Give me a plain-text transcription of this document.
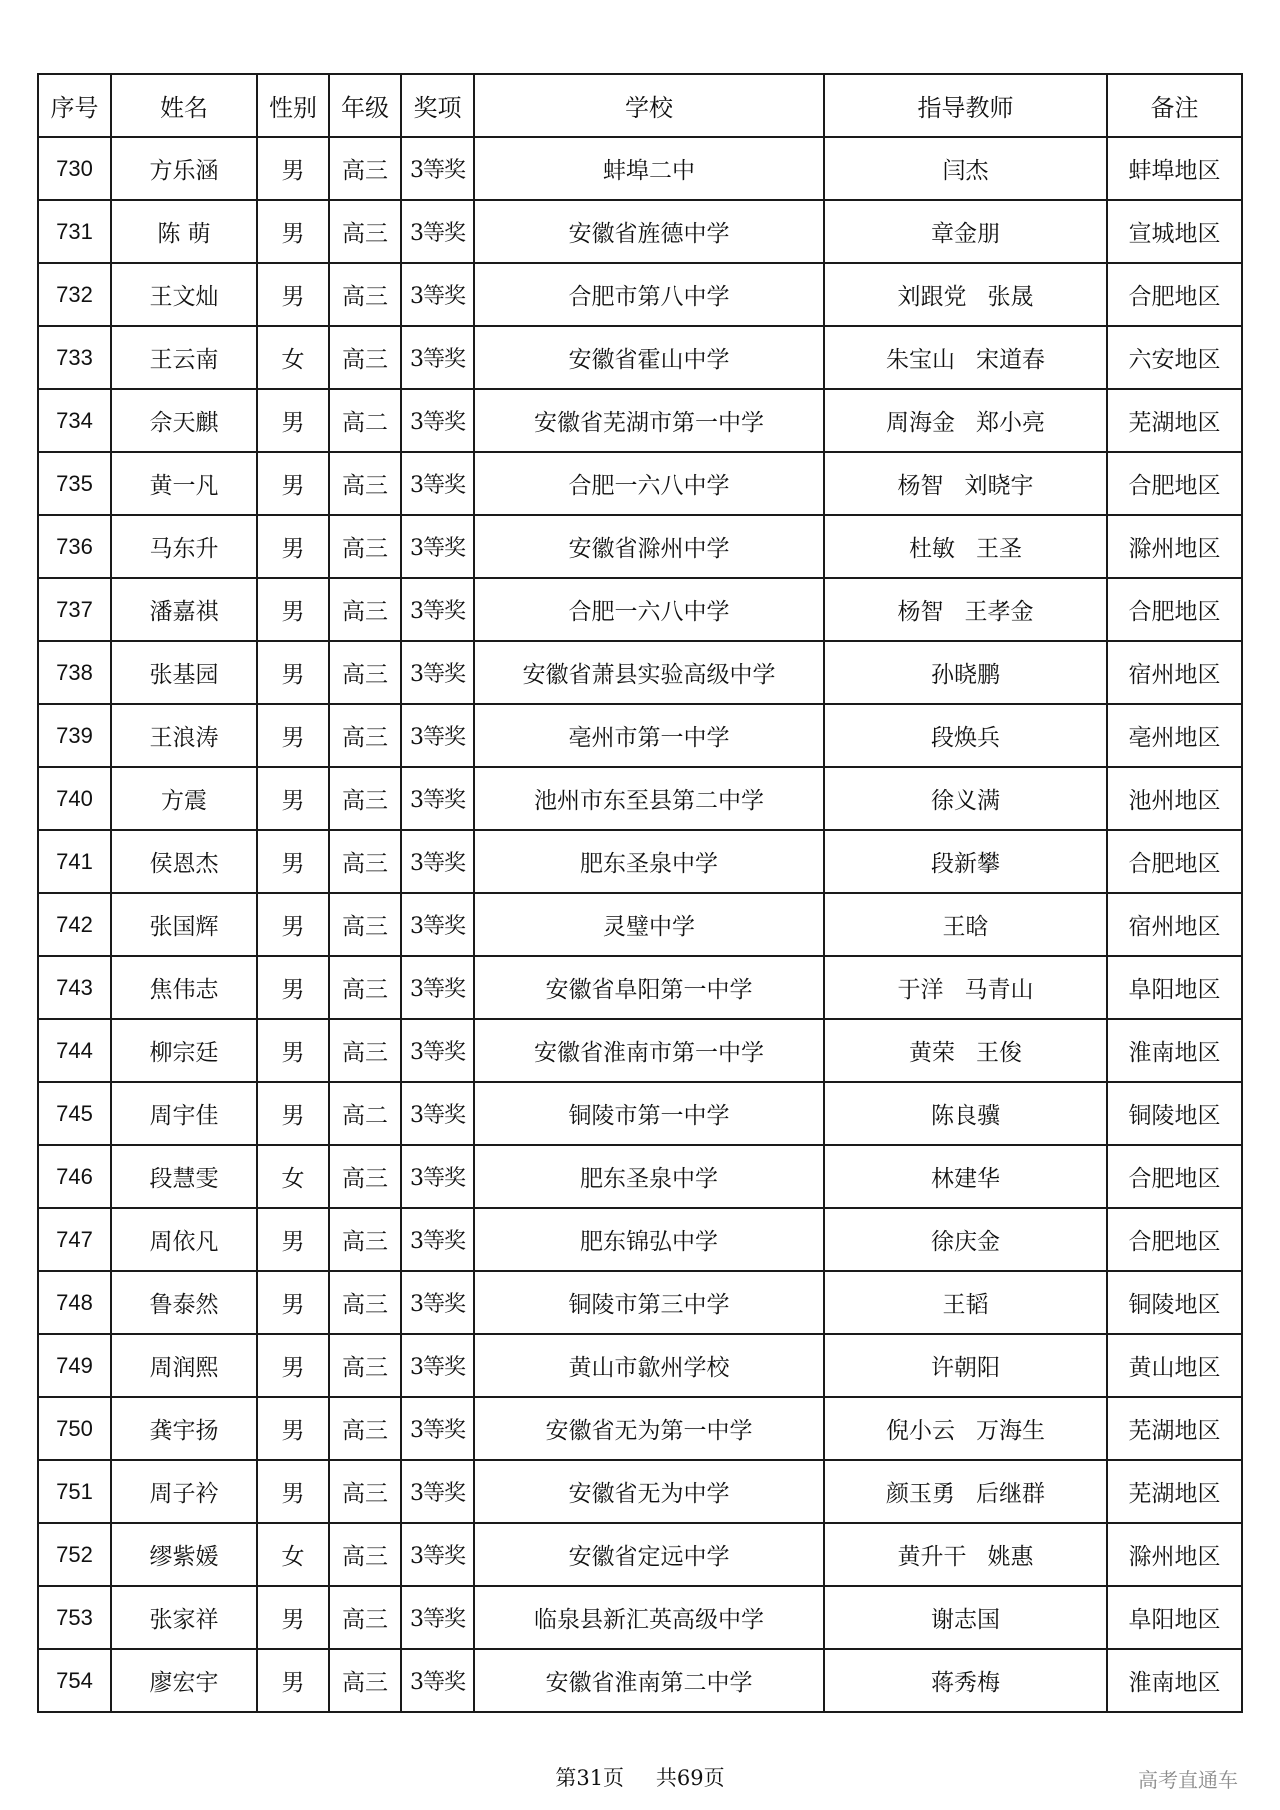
序号	姓名	性别	年级	奖项	学校	指导教师	备注
730	方乐涵	男	高三	3等奖	蚌埠二中	闫杰	蚌埠地区
731	陈 萌	男	高三	3等奖	安徽省旌德中学	章金朋	宣城地区
732	王文灿	男	高三	3等奖	合肥市第八中学	刘跟党 张晟	合肥地区
733	王云南	女	高三	3等奖	安徽省霍山中学	朱宝山 宋道春	六安地区
734	佘天麒	男	高二	3等奖	安徽省芜湖市第一中学	周海金 郑小亮	芜湖地区
735	黄一凡	男	高三	3等奖	合肥一六八中学	杨智 刘晓宇	合肥地区
736	马东升	男	高三	3等奖	安徽省滁州中学	杜敏 王圣	滁州地区
737	潘嘉祺	男	高三	3等奖	合肥一六八中学	杨智 王孝金	合肥地区
738	张基园	男	高三	3等奖	安徽省萧县实验高级中学	孙晓鹏	宿州地区
739	王浪涛	男	高三	3等奖	亳州市第一中学	段焕兵	亳州地区
740	方震	男	高三	3等奖	池州市东至县第二中学	徐义满	池州地区
741	侯恩杰	男	高三	3等奖	肥东圣泉中学	段新攀	合肥地区
742	张国辉	男	高三	3等奖	灵璧中学	王晗	宿州地区
743	焦伟志	男	高三	3等奖	安徽省阜阳第一中学	于洋 马青山	阜阳地区
744	柳宗廷	男	高三	3等奖	安徽省淮南市第一中学	黄荣 王俊	淮南地区
745	周宇佳	男	高二	3等奖	铜陵市第一中学	陈良骥	铜陵地区
746	段慧雯	女	高三	3等奖	肥东圣泉中学	林建华	合肥地区
747	周依凡	男	高三	3等奖	肥东锦弘中学	徐庆金	合肥地区
748	鲁泰然	男	高三	3等奖	铜陵市第三中学	王韬	铜陵地区
749	周润熙	男	高三	3等奖	黄山市歙州学校	许朝阳	黄山地区
750	龚宇扬	男	高三	3等奖	安徽省无为第一中学	倪小云 万海生	芜湖地区
751	周子衿	男	高三	3等奖	安徽省无为中学	颜玉勇 后继群	芜湖地区
752	缪紫媛	女	高三	3等奖	安徽省定远中学	黄升干 姚惠	滁州地区
753	张家祥	男	高三	3等奖	临泉县新汇英高级中学	谢志国	阜阳地区
754	廖宏宇	男	高三	3等奖	安徽省淮南第二中学	蒋秀梅	淮南地区
第31页 共69页	高考直通车
